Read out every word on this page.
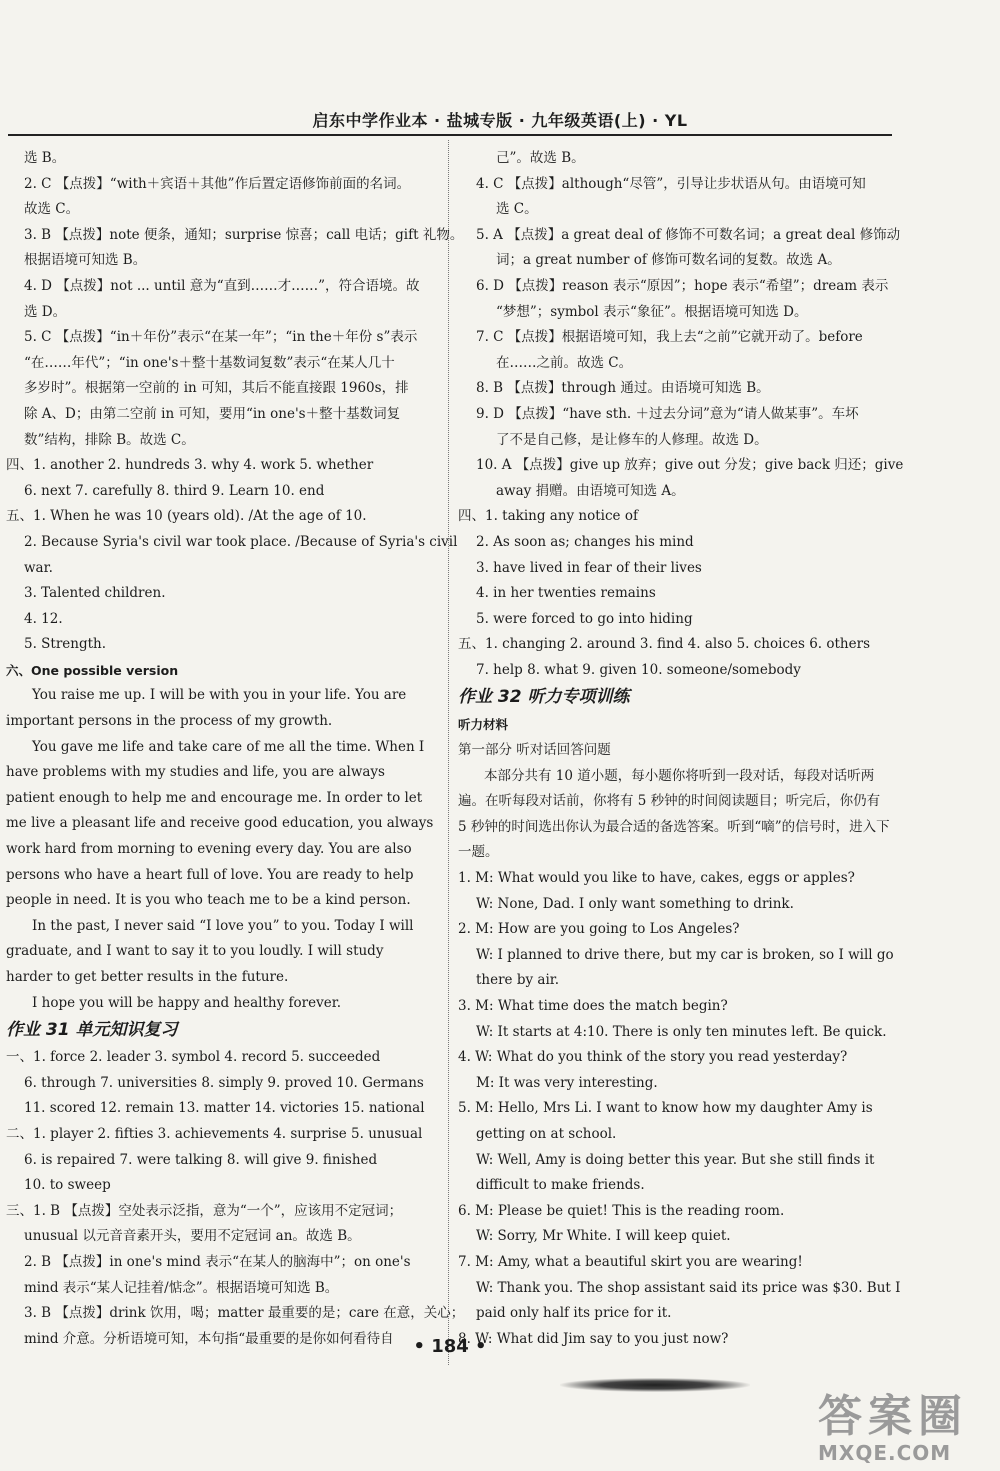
启东中学作业本 · 盐城专版 · 九年级英语(上) · YL
选 B。
2. C 【点拨】“with＋宾语＋其他”作后置定语修饰前面的名词。
故选 C。
3. B 【点拨】note 便条，通知；surprise 惊喜；call 电话；gift 礼物。
根据语境可知选 B。
4. D 【点拨】not ... until 意为“直到……才……”，符合语境。故
选 D。
5. C 【点拨】“in＋年份”表示“在某一年”；“in the＋年份 s”表示
“在……年代”；“in one's＋整十基数词复数”表示“在某人几十
多岁时”。根据第一空前的 in 可知，其后不能直接跟 1960s，排
除 A、D；由第二空前 in 可知，要用“in one's＋整十基数词复
数”结构，排除 B。故选 C。
四、1. another 2. hundreds 3. why 4. work 5. whether
6. next 7. carefully 8. third 9. Learn 10. end
五、1. When he was 10 (years old). /At the age of 10.
2. Because Syria's civil war took place. /Because of Syria's civil
war.
3. Talented children.
4. 12.
5. Strength.
六、One possible version
You raise me up. I will be with you in your life. You are important persons in the process of my growth.
You gave me life and take care of me all the time. When I have problems with my studies and life, you are always patient enough to help me and encourage me. In order to let me live a pleasant life and receive good education, you always work hard from morning to evening every day. You are also persons who have a heart full of love. You are ready to help people in need. It is you who teach me to be a kind person.
In the past, I never said “I love you” to you. Today I will graduate, and I want to say it to you loudly. I will study harder to get better results in the future.
I hope you will be happy and healthy forever.
作业 31 单元知识复习
一、1. force 2. leader 3. symbol 4. record 5. succeeded
6. through 7. universities 8. simply 9. proved 10. Germans
11. scored 12. remain 13. matter 14. victories 15. national
二、1. player 2. fifties 3. achievements 4. surprise 5. unusual
6. is repaired 7. were talking 8. will give 9. finished
10. to sweep
三、1. B 【点拨】空处表示泛指，意为“一个”，应该用不定冠词；
unusual 以元音音素开头，要用不定冠词 an。故选 B。
2. B 【点拨】in one's mind 表示“在某人的脑海中”；on one's
mind 表示“某人记挂着/惦念”。根据语境可知选 B。
3. B 【点拨】drink 饮用，喝；matter 最重要的是；care 在意，关心；
mind 介意。分析语境可知，本句指“最重要的是你如何看待自
己”。故选 B。
4. C 【点拨】although“尽管”，引导让步状语从句。由语境可知
选 C。
5. A 【点拨】a great deal of 修饰不可数名词；a great deal 修饰动
词；a great number of 修饰可数名词的复数。故选 A。
6. D 【点拨】reason 表示“原因”；hope 表示“希望”；dream 表示
“梦想”；symbol 表示“象征”。根据语境可知选 D。
7. C 【点拨】根据语境可知，我上去“之前”它就开动了。before
在……之前。故选 C。
8. B 【点拨】through 通过。由语境可知选 B。
9. D 【点拨】“have sth. ＋过去分词”意为“请人做某事”。车坏
了不是自己修，是让修车的人修理。故选 D。
10. A 【点拨】give up 放弃；give out 分发；give back 归还；give
away 捐赠。由语境可知选 A。
四、1. taking any notice of
2. As soon as; changes his mind
3. have lived in fear of their lives
4. in her twenties remains
5. were forced to go into hiding
五、1. changing 2. around 3. find 4. also 5. choices 6. others
7. help 8. what 9. given 10. someone/somebody
作业 32 听力专项训练
听力材料
第一部分 听对话回答问题
本部分共有 10 道小题，每小题你将听到一段对话，每段对话听两遍。在听每段对话前，你将有 5 秒钟的时间阅读题目；听完后，你仍有 5 秒钟的时间选出你认为最合适的备选答案。听到“嘀”的信号时，进入下一题。
1. M: What would you like to have, cakes, eggs or apples?
W: None, Dad. I only want something to drink.
2. M: How are you going to Los Angeles?
W: I planned to drive there, but my car is broken, so I will go
there by air.
3. M: What time does the match begin?
W: It starts at 4:10. There is only ten minutes left. Be quick.
4. W: What do you think of the story you read yesterday?
M: It was very interesting.
5. M: Hello, Mrs Li. I want to know how my daughter Amy is
getting on at school.
W: Well, Amy is doing better this year. But she still finds it
difficult to make friends.
6. M: Please be quiet! This is the reading room.
W: Sorry, Mr White. I will keep quiet.
7. M: Amy, what a beautiful skirt you are wearing!
W: Thank you. The shop assistant said its price was $30. But I
paid only half its price for it.
8. W: What did Jim say to you just now?
• 184 •
答案圈
MXQE.COM
